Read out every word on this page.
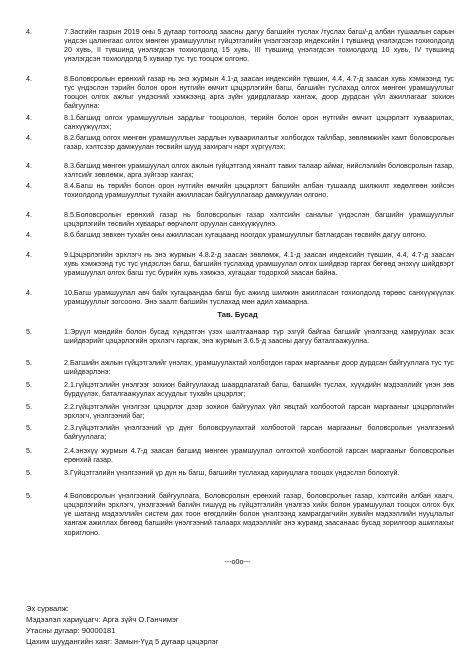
4.	7.Засгийн газрын 2019 оны 5 дугаар тогтоолд заасны дагуу багшийн туслах /туслах багш/-д албан тушаалын сарын үндсэн цалингаас олгох мөнгөн урамшууллыг гүйцэтгэлийн үнэлгээгээр индексийн I түвшинд үнэлэгдсэн тохиолдолд 20 хувь, II түвшинд үнэлэгдсэн тохиолдолд 15 хувь, III түвшинд үнэлэгдсэн тохиолдолд 10 хувь, IV түвшинд үнэлэгдсэн тохиолдолд 5 хувиар тус тус тооцож олгоно.
4.	8.Боловсролын ерөнхий газар нь энэ журмын 4.1-д заасан индексийн түвшин, 4.4, 4.7-д заасан хувь хэмжээнд тус тус үндэслэн тэрийн болон орон нутгийн өмчит цэцэрлэгийн багш, багшийн туслахад олгох мөнгөн урамшууллыг тооцон олгох ажлыг үндэсний хэмжээнд арга зүйн удирдлагаар хангаж, доор дурдсан үйл ажиллагааг зохион байгуулна:
4.	8.1.багшид олгох урамшууллын зардлыг тооцоолон, төрийн болон орон нутгийн өмчит цэцэрлэгт хуваарилах, санхүүжүүлэх;
4.	8.2.багшид олгох мөнгөн урамшууллын зардлын хуваарилалтыг холбогдох тайлбар, зөвлөмжийн хамт боловсролын газар, хэлтсээр дамжуулан төсвийн шууд захирагч нарт хүргүүлэх;
4.	8.3.багшид мөнгөн урамшуулал олгох ажлын гүйцэтгэлд хяналт тавих талаар аймаг, нийслэлийн боловсролын газар, хэлтсийг зөвлөмж, арга зүйгээр хангах;
4.	8.4.Багш нь төрийн болон орон нутгийн өмчийн цэцэрлэгт багшийн албан тушаалд шилжилт хөдөлгөөн хийсэн тохиолдолд урамшууллыг тухайн ажилласан байгууллагаар дамжуулан олгоно.
4.	8.5.Боловсролын ерөнхий газар нь боловсролын газар хэлтсийн саналыг үндэслэн багшийн урамшууллыг цэцэрлэгийн төсвийн хуваарьт өөрчлөлт оруулан санхүүжүүлнэ.
4.	8.6.багшид зөвхөн тухайн оны ажилласан хугацаанд ноогдох урамшууллыг батлагдсан төсвийн дагуу олгоно.
4.	9.Цэцэрлэгийн эрхлэгч нь энэ журмын 4.8.2-д заасан зөвлөмж, 4.1-д заасан индексийн түвшин, 4.4, 4.7-д заасан хувь хэмжээнд тус тус үндэслэн багш, багшийн туслахад урамшуулал олгох шийдвэр гаргах бөгөөд энэхүү шийдвэрт урамшуулал олгох багш тус бүрийн хувь хэмжээ, хугацааг тодорхой заасан байна.
4.	10.Багш урамшуулал авч байх хугацаандаа багш бус ажилд шилжин ажилласан тохиолдолд төрөөс санхүүжүүлэх урамшууллыг зогсооно. Энэ заалт багшийн туслахад мөн адил хамаарна.
Тав. Бусад
5.	1.Эрүүл мэндийн болон бусад хүндэтгэн үзэх шалтгаанаар түр эзгүй байгаа багшийг үнэлгээнд хамруулах эсэх шийдвэрийг цэцэрлэгийн эрхлэгч гаргаж, энэ журмын 3.6.5-д заасны дагуу баталгаажуулна.
5.	2.Багшийн ажлын гүйцэтгэлийг үнэлэх, урамшуулахтай холбогдон гарах маргааныг доор дурдсан байгууллага тус тус шийдвэрлэнэ:
5.	2.1.гүйцэтгэлийн үнэлгээг зохион байгуулахад шаардлагатай багш, багшийн туслах, хүүхдийн мэдээллийг үнэн зөв бүрдүүлэх, баталгаажуулах асуудлыг тухайн цэцэрлэг;
5.	2.2.гүйцэтгэлийн үнэлгээг цэцэрлэг дээр зохион байгуулах үйл явцтай холбоотой гарсан маргааныг цэцэрлэгийн эрхлэгч, үнэлгээний баг;
5.	2.3.гүйцэтгэлийн үнэлгээний үр дүнг боловсруулахтай холбоотой гарсан маргааныг боловсролын үнэлгээний байгууллага;
5.	2.4.энэхүү журмын 4.7-д заасан багшид мөнгөн урамшуулал олгохтой холбоотой гарсан маргааныг боловсролын ерөнхий газар.
5.	3.Гүйцэтгэлийн үнэлгээний үр дүн нь багш, багшийн туслахад хариуцлага тооцох үндэслэл болохгүй.
5.	4.Боловсролын үнэлгээний байгууллага, Боловсролын ерөнхий газар, боловсролын газар, хэлтсийн албан хаагч, цэцэрлэгийн эрхлэгч, үнэлгээний багийн гишүүд нь гүйцэтгэлийн үнэлгээ хийх болон урамшуулал тооцох олгох бүх үе шатанд мэдээллийн систем дах тоон өгөгдлийн болон үнэлгээнд хамрагдагчийн хувийн мэдээллийн нууцлалыг хангаж ажиллах бөгөөд багшийн үнэлгээний талаарх мэдээллийг энэ журамд заасанаас бусад зорилгоор ашиглахыг хориглоно.
---o0o---
Эх сурвалж:
Мэдээлэл хариуцагч: Арга зүйч О.Ганчимэг
Утасны дугаар: 90000181
Цахим шуудангийн хаяг: Замын-Үүд 5 дугаар цэцэрлэг
